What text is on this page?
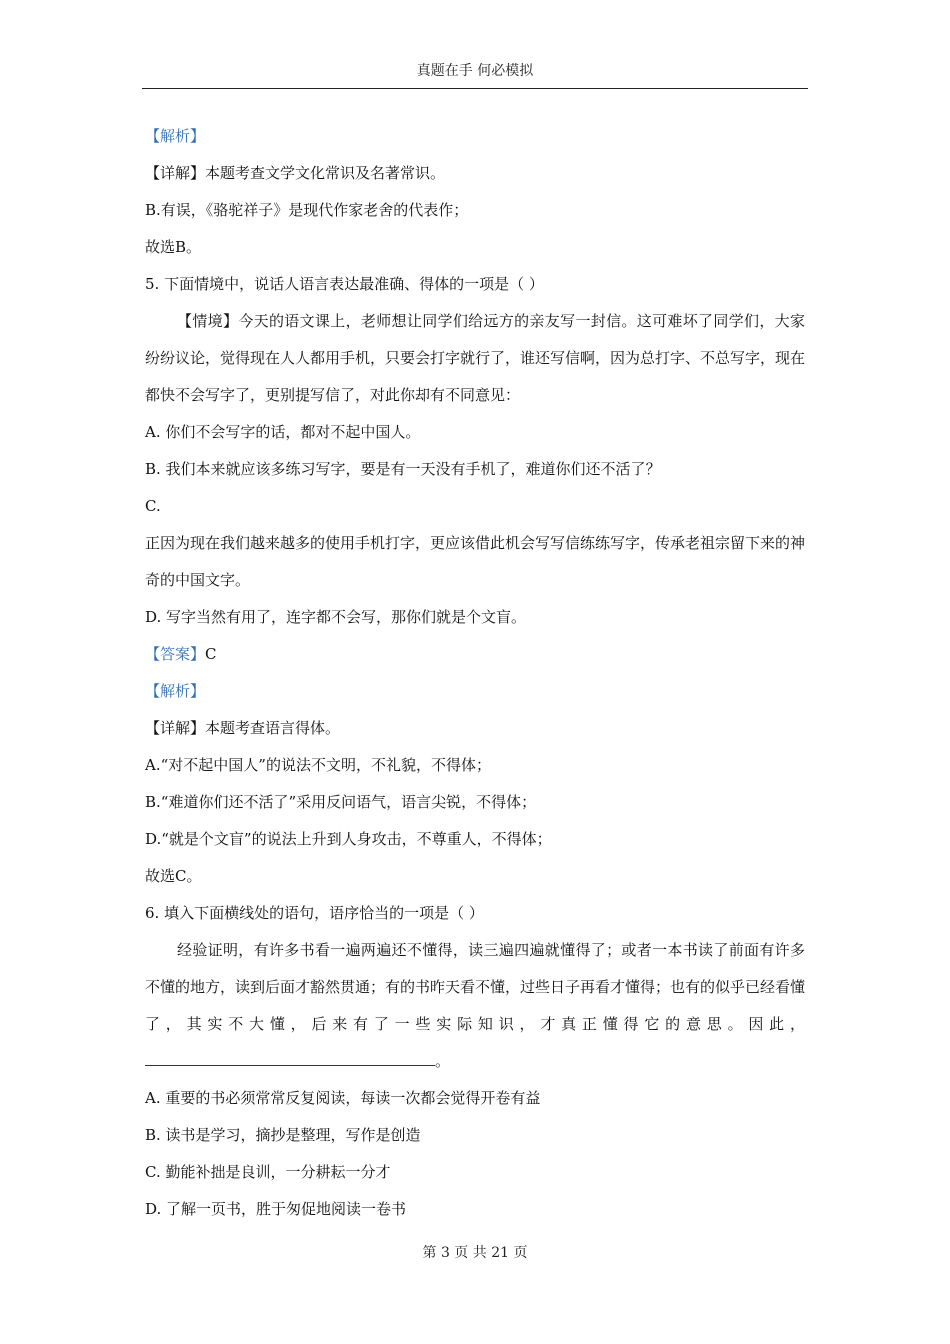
真题在手 何必模拟
【解析】
【详解】本题考查文学文化常识及名著常识。
B.有误，《骆驼祥子》是现代作家老舍的代表作；
故选B。
5. 下面情境中，说话人语言表达最准确、得体的一项是（ ）
【情境】今天的语文课上，老师想让同学们给远方的亲友写一封信。这可难坏了同学们，大家纷纷议论，觉得现在人人都用手机，只要会打字就行了，谁还写信啊，因为总打字、不总写字，现在都快不会写字了，更别提写信了，对此你却有不同意见：
A. 你们不会写字的话，都对不起中国人。
B. 我们本来就应该多练习写字，要是有一天没有手机了，难道你们还不活了？
C.
正因为现在我们越来越多的使用手机打字，更应该借此机会写写信练练写字，传承老祖宗留下来的神奇的中国文字。
D. 写字当然有用了，连字都不会写，那你们就是个文盲。
【答案】C
【解析】
【详解】本题考查语言得体。
A.“对不起中国人”的说法不文明，不礼貌，不得体；
B.“难道你们还不活了”采用反问语气，语言尖锐，不得体；
D.“就是个文盲”的说法上升到人身攻击，不尊重人，不得体；
故选C。
6. 填入下面横线处的语句，语序恰当的一项是（ ）
经验证明，有许多书看一遍两遍还不懂得，读三遍四遍就懂得了；或者一本书读了前面有许多不懂的地方，读到后面才豁然贯通；有的书昨天看不懂，过些日子再看才懂得；也有的似乎已经看懂了，其实不大懂，后来有了一些实际知识，才真正懂得它的意思。因此，。
A. 重要的书必须常常反复阅读，每读一次都会觉得开卷有益
B. 读书是学习，摘抄是整理，写作是创造
C. 勤能补拙是良训，一分耕耘一分才
D. 了解一页书，胜于匆促地阅读一卷书
第 3 页 共 21 页
